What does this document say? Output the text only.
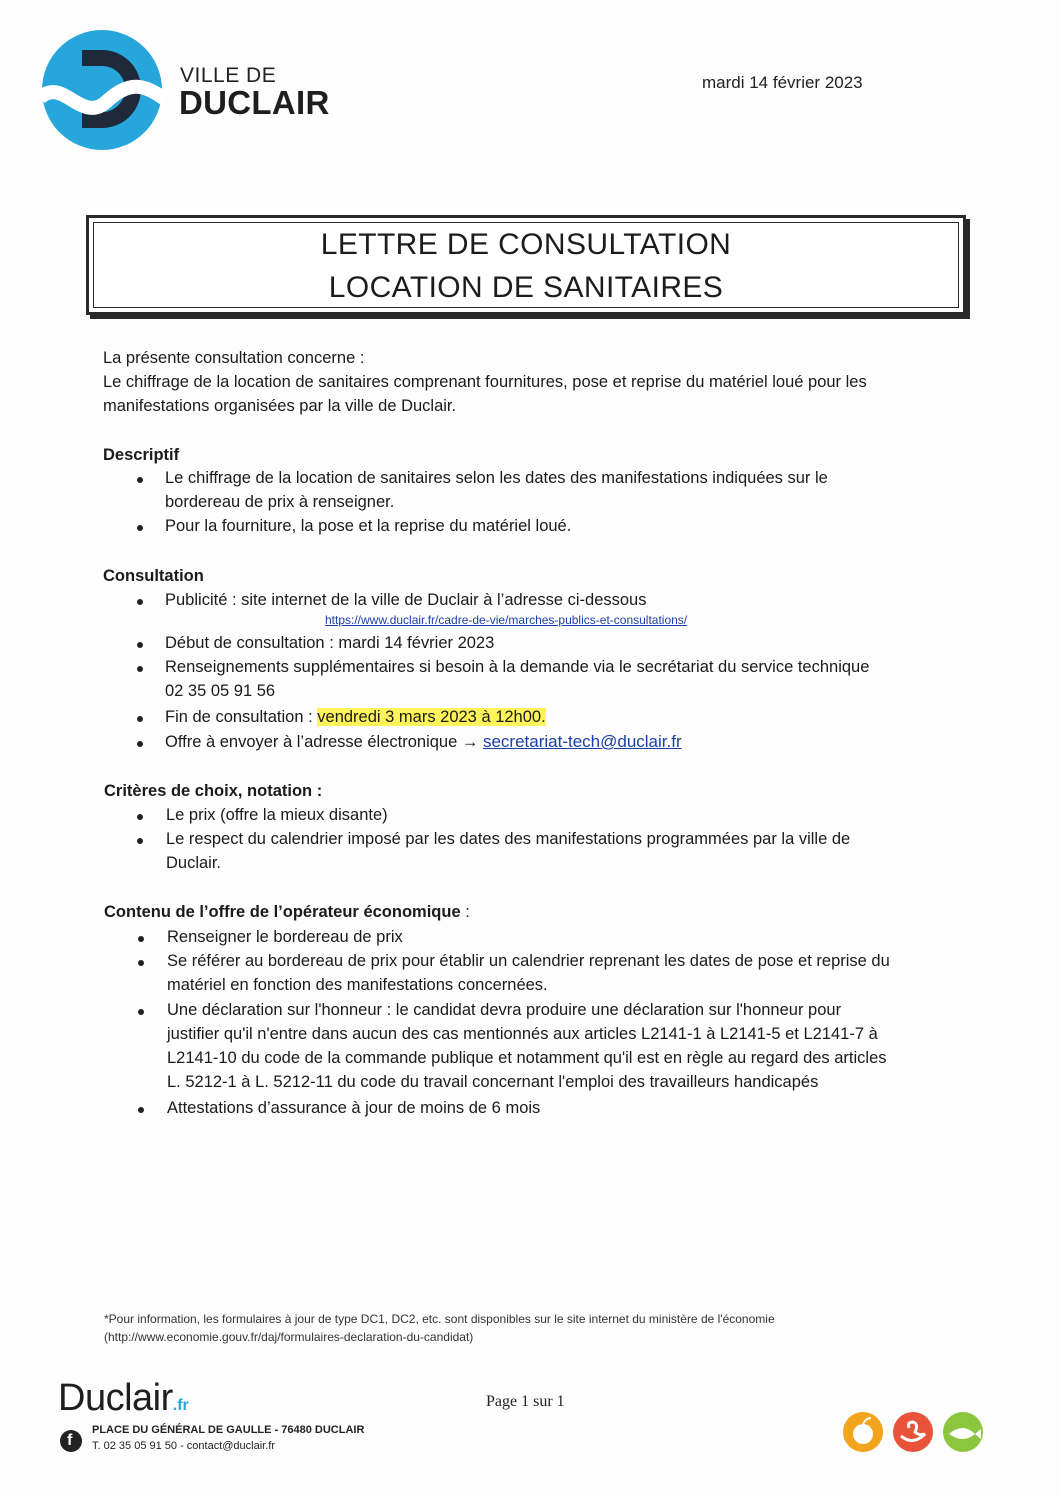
VILLE DE
DUCLAIR
mardi 14 février 2023
LETTRE DE CONSULTATION
LOCATION DE SANITAIRES
La présente consultation concerne :
Le chiffrage de la location de sanitaires comprenant fournitures, pose et reprise du matériel loué pour les
manifestations organisées par la ville de Duclair.
Descriptif
Le chiffrage de la location de sanitaires selon les dates des manifestations indiquées sur le
bordereau de prix à renseigner.
Pour la fourniture, la pose et la reprise du matériel loué.
Consultation
Publicité : site internet de la ville de Duclair à l’adresse ci-dessous
https://www.duclair.fr/cadre-de-vie/marches-publics-et-consultations/
Début de consultation : mardi 14 février 2023
Renseignements supplémentaires si besoin à la demande via le secrétariat du service technique
02 35 05 91 56
Fin de consultation : vendredi 3 mars 2023 à 12h00.
Offre à envoyer à l’adresse électronique → secretariat-tech@duclair.fr
Critères de choix, notation :
Le prix (offre la mieux disante)
Le respect du calendrier imposé par les dates des manifestations programmées par la ville de
Duclair.
Contenu de l’offre de l’opérateur économique :
Renseigner le bordereau de prix
Se référer au bordereau de prix pour établir un calendrier reprenant les dates de pose et reprise du
matériel en fonction des manifestations concernées.
Une déclaration sur l'honneur : le candidat devra produire une déclaration sur l'honneur pour
justifier qu'il n'entre dans aucun des cas mentionnés aux articles L2141-1 à L2141-5 et L2141-7 à
L2141-10 du code de la commande publique et notamment qu'il est en règle au regard des articles
L. 5212-1 à L. 5212-11 du code du travail concernant l'emploi des travailleurs handicapés
Attestations d’assurance à jour de moins de 6 mois
*Pour information, les formulaires à jour de type DC1, DC2, etc. sont disponibles sur le site internet du ministère de l'économie
(http://www.economie.gouv.fr/daj/formulaires-declaration-du-candidat)
Duclair.fr	Page 1 sur 1
f
PLACE DU GÉNÉRAL DE GAULLE - 76480 DUCLAIR
T. 02 35 05 91 50 - contact@duclair.fr
